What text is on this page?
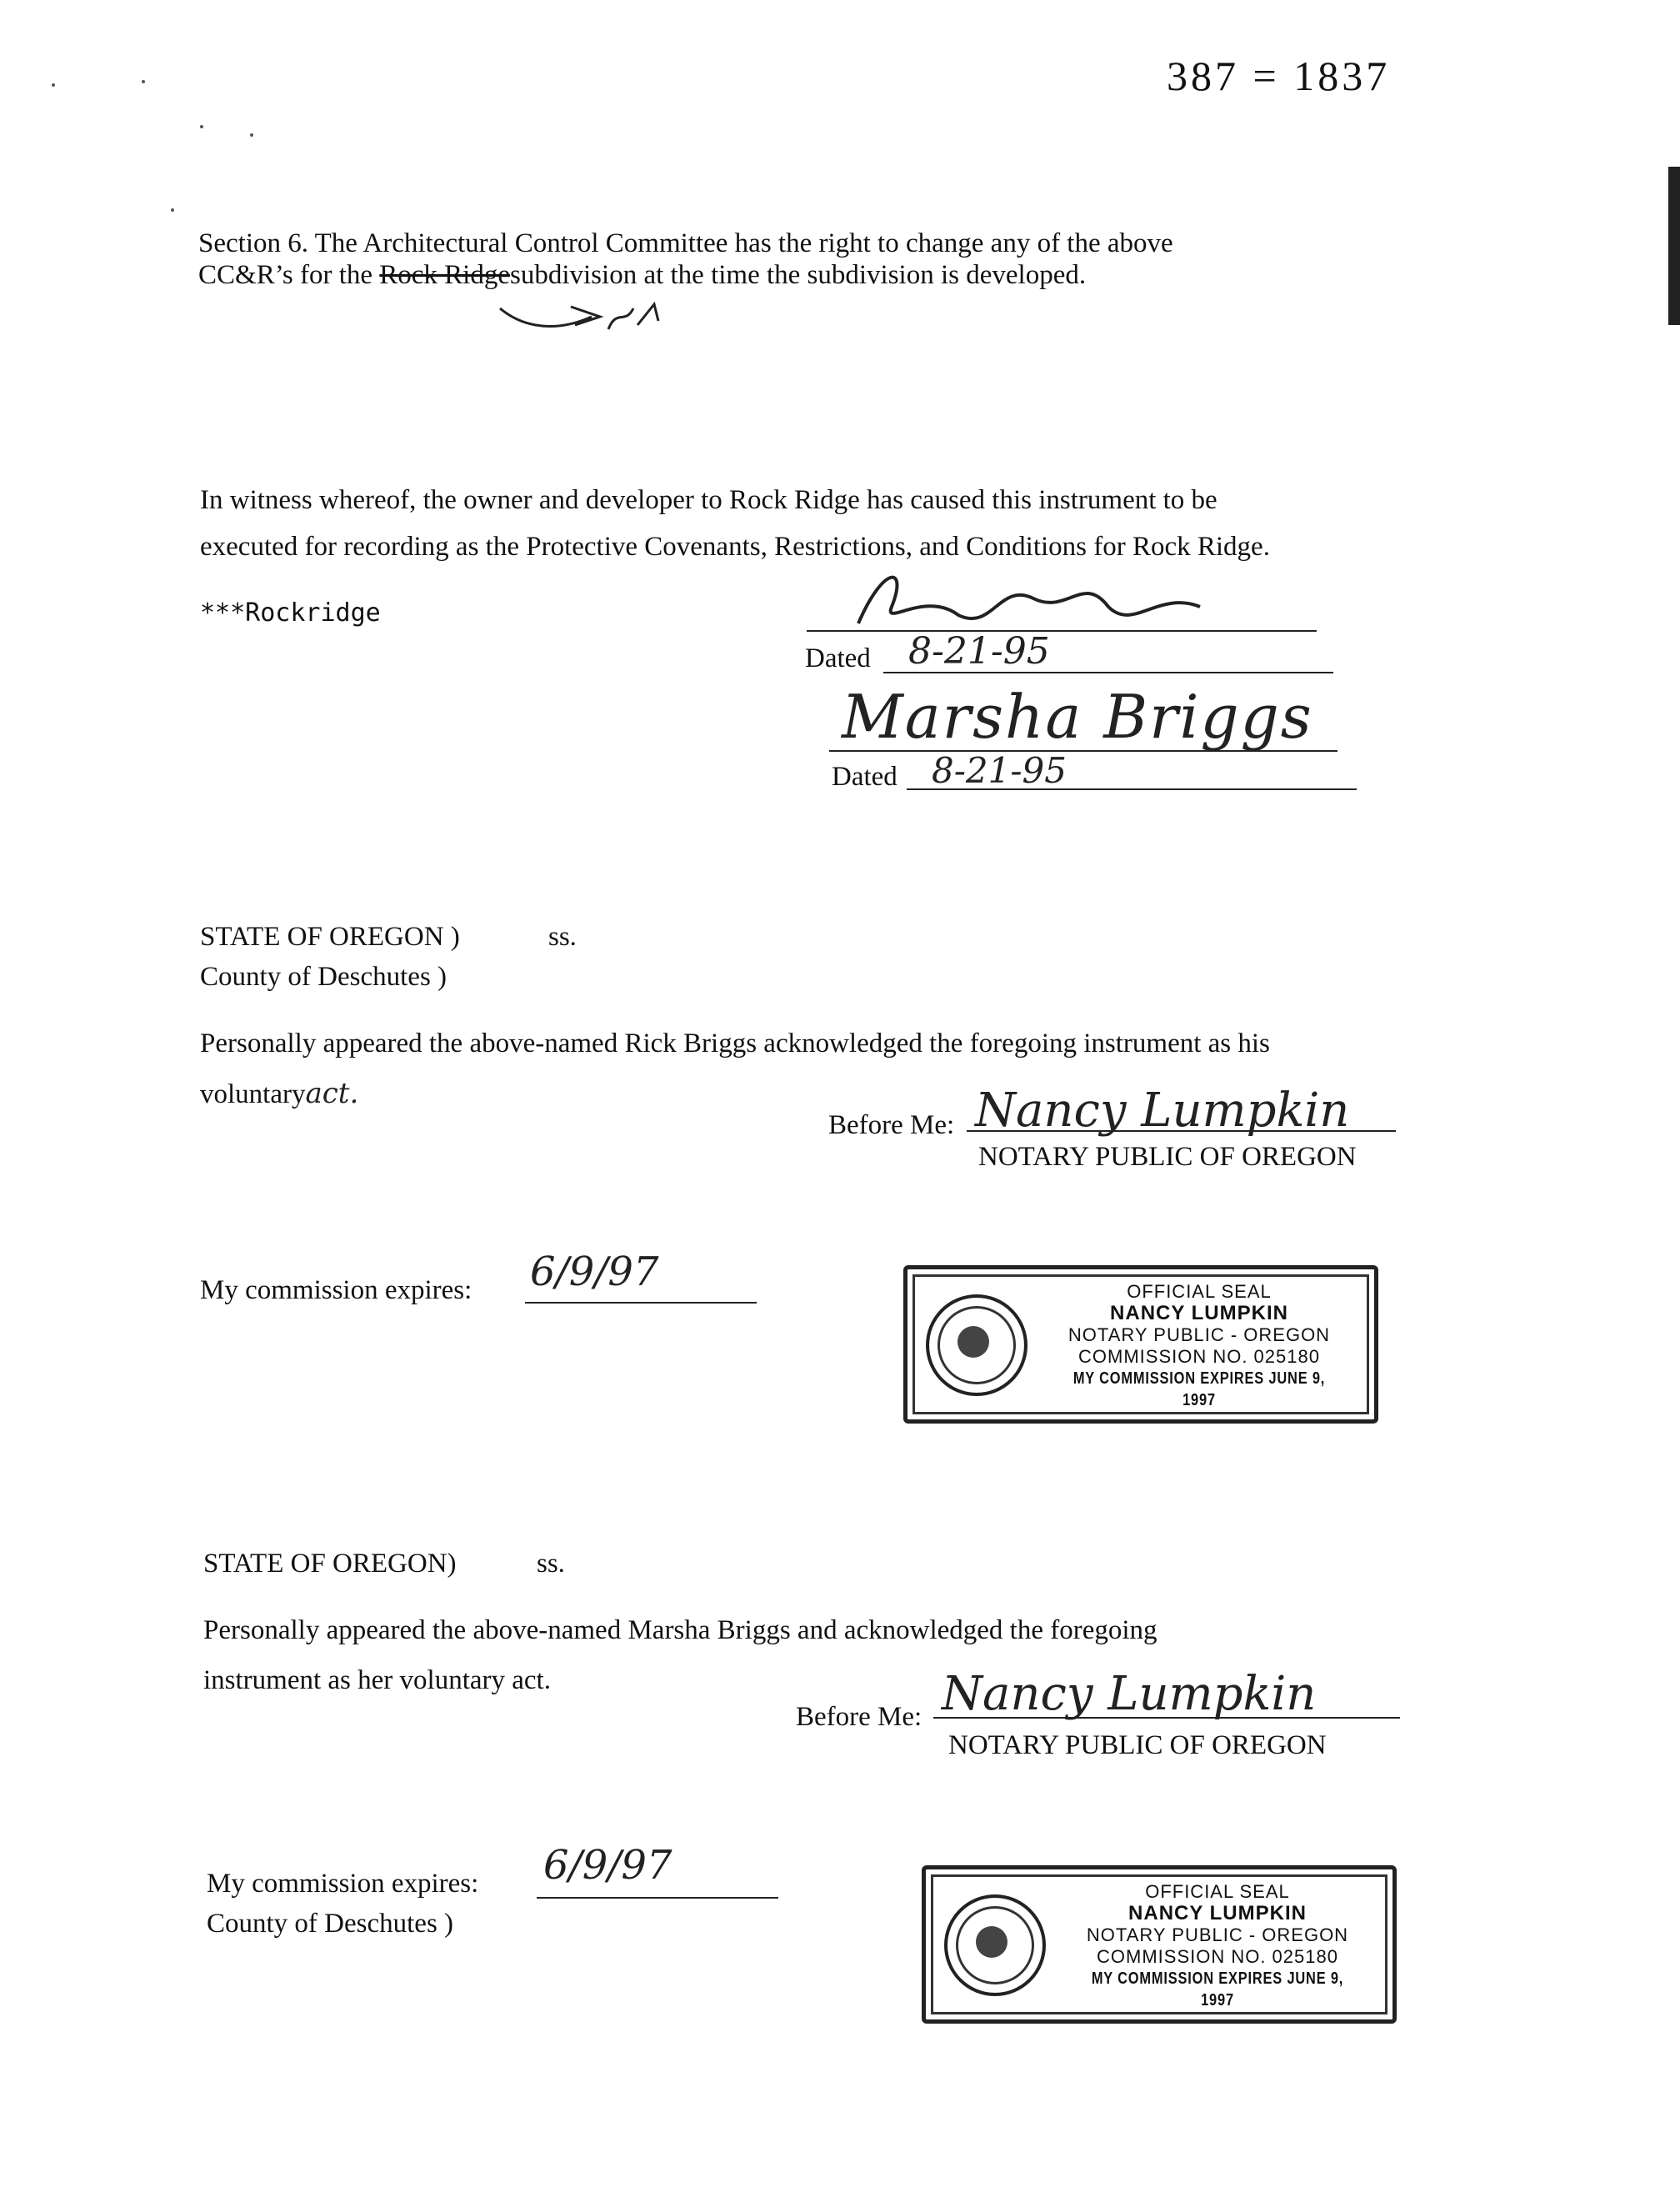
387 = 1837
Section 6. The Architectural Control Committee has the right to change any of the above
CC&R’s for the Rock Ridgesubdivision at the time the subdivision is developed.
In witness whereof, the owner and developer to Rock Ridge has caused this instrument to be
executed for recording as the Protective Covenants, Restrictions, and Conditions for Rock Ridge.
***Rockridge
Dated 8-21-95
Marsha Briggs
Dated 8-21-95
STATE OF OREGON )	ss.
County of Deschutes )
Personally appeared the above-named Rick Briggs acknowledged the foregoing instrument as his
voluntaryact.
Before Me: Nancy Lumpkin
NOTARY PUBLIC OF OREGON
My commission expires: 6/9/97	OFFICIAL SEAL
NANCY LUMPKIN
NOTARY PUBLIC - OREGON
COMMISSION NO. 025180
MY COMMISSION EXPIRES JUNE 9, 1997
STATE OF OREGON)	ss.
Personally appeared the above-named Marsha Briggs and acknowledged the foregoing
instrument as her voluntary act.
Before Me: Nancy Lumpkin
NOTARY PUBLIC OF OREGON
My commission expires: 6/9/97
County of Deschutes )
OFFICIAL SEAL
NANCY LUMPKIN
NOTARY PUBLIC - OREGON
COMMISSION NO. 025180
MY COMMISSION EXPIRES JUNE 9, 1997
